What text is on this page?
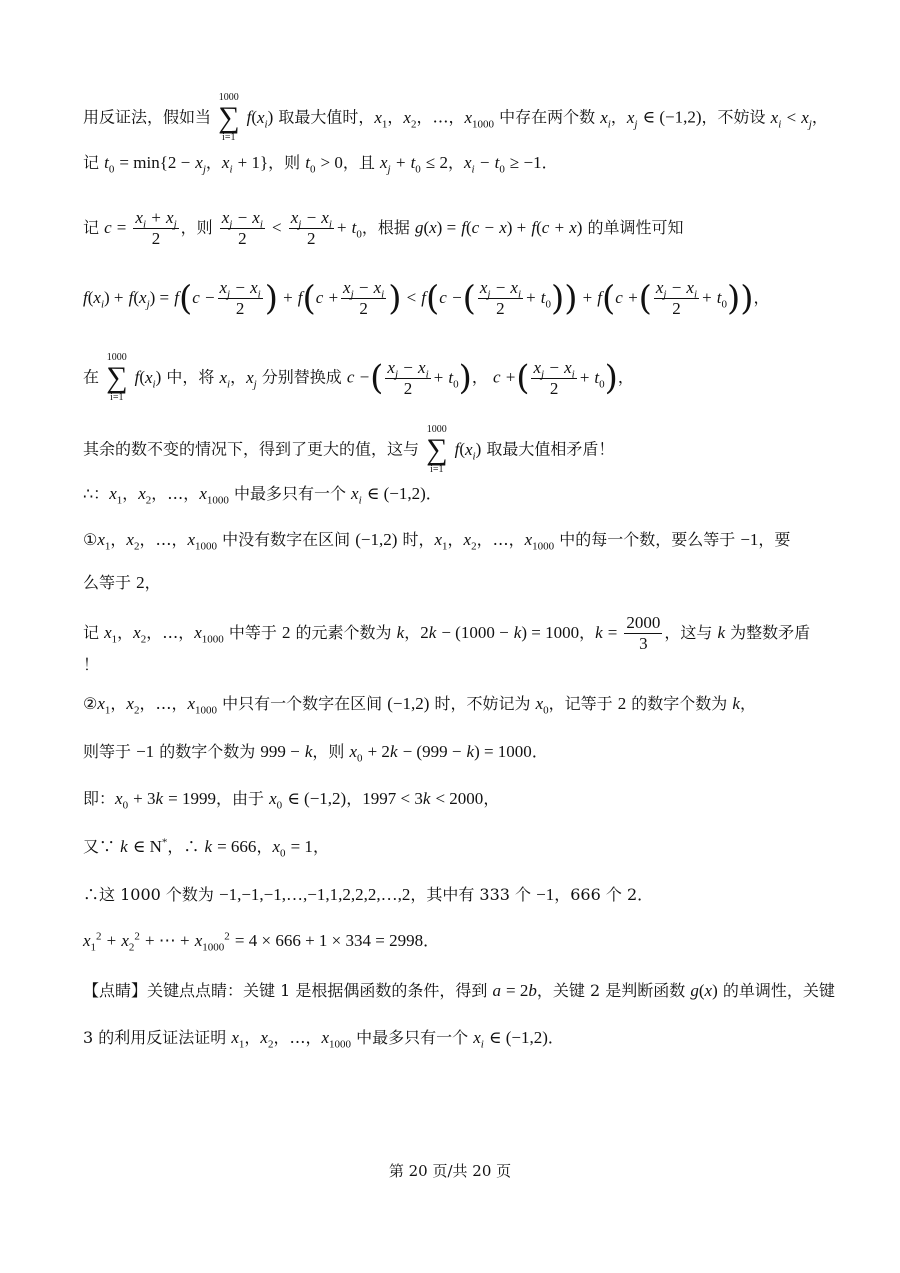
用反证法，假如当
1000
∑
i=1
$f(x_i)$ 取最大值时，$x_1$，$x_2$，…，$x_{1000}$ 中存在两个数 $x_i$，$x_j$ ∈ (−1,2)，不妨设 $x_i < x_j$，
记 $t_0 = \min\{2 - x_j$，$x_i + 1$}，则 $t_0 > 0$，且 $x_j + t_0 \le 2$，$x_i - t_0 \ge -1$．
记 $c = \frac{x_i + x_j}{2}$ ，则 $\frac{x_j - x_i}{2} < \frac{x_j - x_i}{2} + t_0$，根据 g(x) = f(c − x) + f(c + x) 的单调性可知
$f(x_i) + f(x_j) = f(c - \frac{x_j - x_i}{2}$ ) + $f(c + \frac{x_j - x_i}{2}$ ) < f(c −( $\frac{x_j - x_i}{2} + t_0)) + f(c$ +( $\frac{x_j - x_i}{2} + t_0$))，
在
1000
∑
i=1
$f(x_i)$ 中，将 $x_i$，$x_j$ 分别替换成 c −( $\frac{x_j - x_i}{2} + t_0$)， c +( $\frac{x_j - x_i}{2} + t_0$)，
其余的数不变的情况下，得到了更大的值，这与
1000
∑
i=1
$f(x_i)$ 取最大值相矛盾！
∴：$x_1$，$x_2$，…，$x_{1000}$ 中最多只有一个 $x_i$ ∈ (−1,2)．
$①x_1$，$x_2$，…，$x_{1000}$ 中没有数字在区间 (−1,2) 时，$x_1$，$x_2$，…，$x_{1000}$ 中的每一个数，要么等于 −1，要
么等于 2，
记 $x_1$，$x_2$，…，$x_{1000}$ 中等于 2 的元素个数为 k，2k − (1000 − k) = 1000，$k = \frac{2000}{3}$ ，这与 k 为整数矛盾
！
$②x_1$，$x_2$，…，$x_{1000}$ 中只有一个数字在区间 (−1,2) 时，不妨记为 $x_0$，记等于 2 的数字个数为 k，
则等于 −1 的数字个数为 999 − k，则 $x_0 + 2k - (999 - k) = 1000$．
即：$x_0 + 3k = 1999$，由于 $x_0$ ∈ (−1,2)，1997 < 3k < 2000，
又∵ k ∈ N*，∴ k = 666，$x_0 = 1$，
∴这 1000 个数为 −1,−1,−1,…,−1,1,2,2,2,…,2，其中有 333 个 −1，666 个 2．
$x_1^2 + x_2^2$ + ⋯ + $x_{1000}^2 = 4 \times 666 + 1 \times 334 = 2998$．
【点睛】关键点点睛：关键 1 是根据偶函数的条件，得到 a = 2b，关键 2 是判断函数 g(x) 的单调性，关键
3 的利用反证法证明 $x_1$，$x_2$，…，$x_{1000}$ 中最多只有一个 $x_i$ ∈ (−1,2)．
第 20 页/共 20 页
